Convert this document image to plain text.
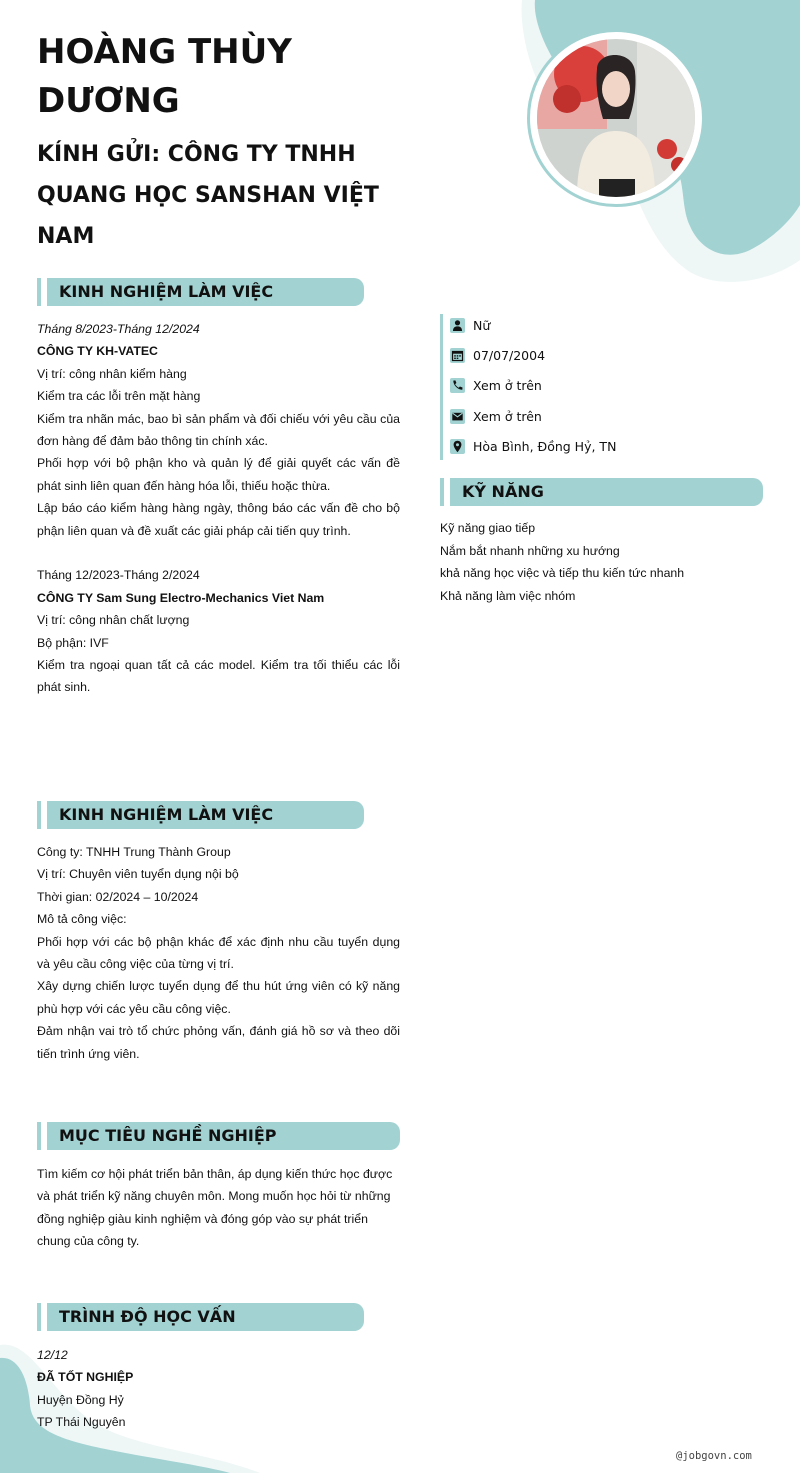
HOÀNG THÙY DƯƠNG
KÍNH GỬI: CÔNG TY TNHH QUANG HỌC SANSHAN VIỆT NAM
KINH NGHIỆM LÀM VIỆC
Tháng 8/2023-Tháng 12/2024
CÔNG TY KH-VATEC
Vị trí: công nhân kiểm hàng
Kiểm tra các lỗi trên mặt hàng
Kiểm tra nhãn mác, bao bì sản phẩm và đối chiếu với yêu cầu của đơn hàng để đảm bảo thông tin chính xác.
Phối hợp với bộ phận kho và quản lý để giải quyết các vấn đề phát sinh liên quan đến hàng hóa lỗi, thiếu hoặc thừa.
Lập báo cáo kiểm hàng hàng ngày, thông báo các vấn đề cho bộ phận liên quan và đề xuất các giải pháp cải tiến quy trình.
Tháng 12/2023-Tháng 2/2024
CÔNG TY Sam Sung Electro-Mechanics Viet Nam
Vị trí: công nhân chất lượng
Bộ phận: IVF
Kiểm tra ngoại quan tất cả các model. Kiểm tra tối thiểu các lỗi phát sinh.
KINH NGHIỆM LÀM VIỆC
Công ty: TNHH Trung Thành Group
Vị trí: Chuyên viên tuyển dụng nội bộ
Thời gian: 02/2024 – 10/2024
Mô tả công việc:
Phối hợp với các bộ phận khác để xác định nhu cầu tuyển dụng và yêu cầu công việc của từng vị trí.
Xây dựng chiến lược tuyển dụng để thu hút ứng viên có kỹ năng phù hợp với các yêu cầu công việc.
Đảm nhận vai trò tổ chức phỏng vấn, đánh giá hồ sơ và theo dõi tiến trình ứng viên.
MỤC TIÊU NGHỀ NGHIỆP
Tìm kiếm cơ hội phát triển bản thân, áp dụng kiến thức học được và phát triển kỹ năng chuyên môn. Mong muốn học hỏi từ những đồng nghiệp giàu kinh nghiệm và đóng góp vào sự phát triển chung của công ty.
TRÌNH ĐỘ HỌC VẤN
12/12
ĐÃ TỐT NGHIỆP
Huyện Đồng Hỷ
TP Thái Nguyên
Nữ
07/07/2004
Xem ở trên
Xem ở trên
Hòa Bình, Đồng Hỷ, TN
KỸ NĂNG
Kỹ năng giao tiếp
Nắm bắt nhanh những xu hướng
khả năng học việc và tiếp thu kiến tức nhanh
Khả năng làm việc nhóm
@jobgovn.com
